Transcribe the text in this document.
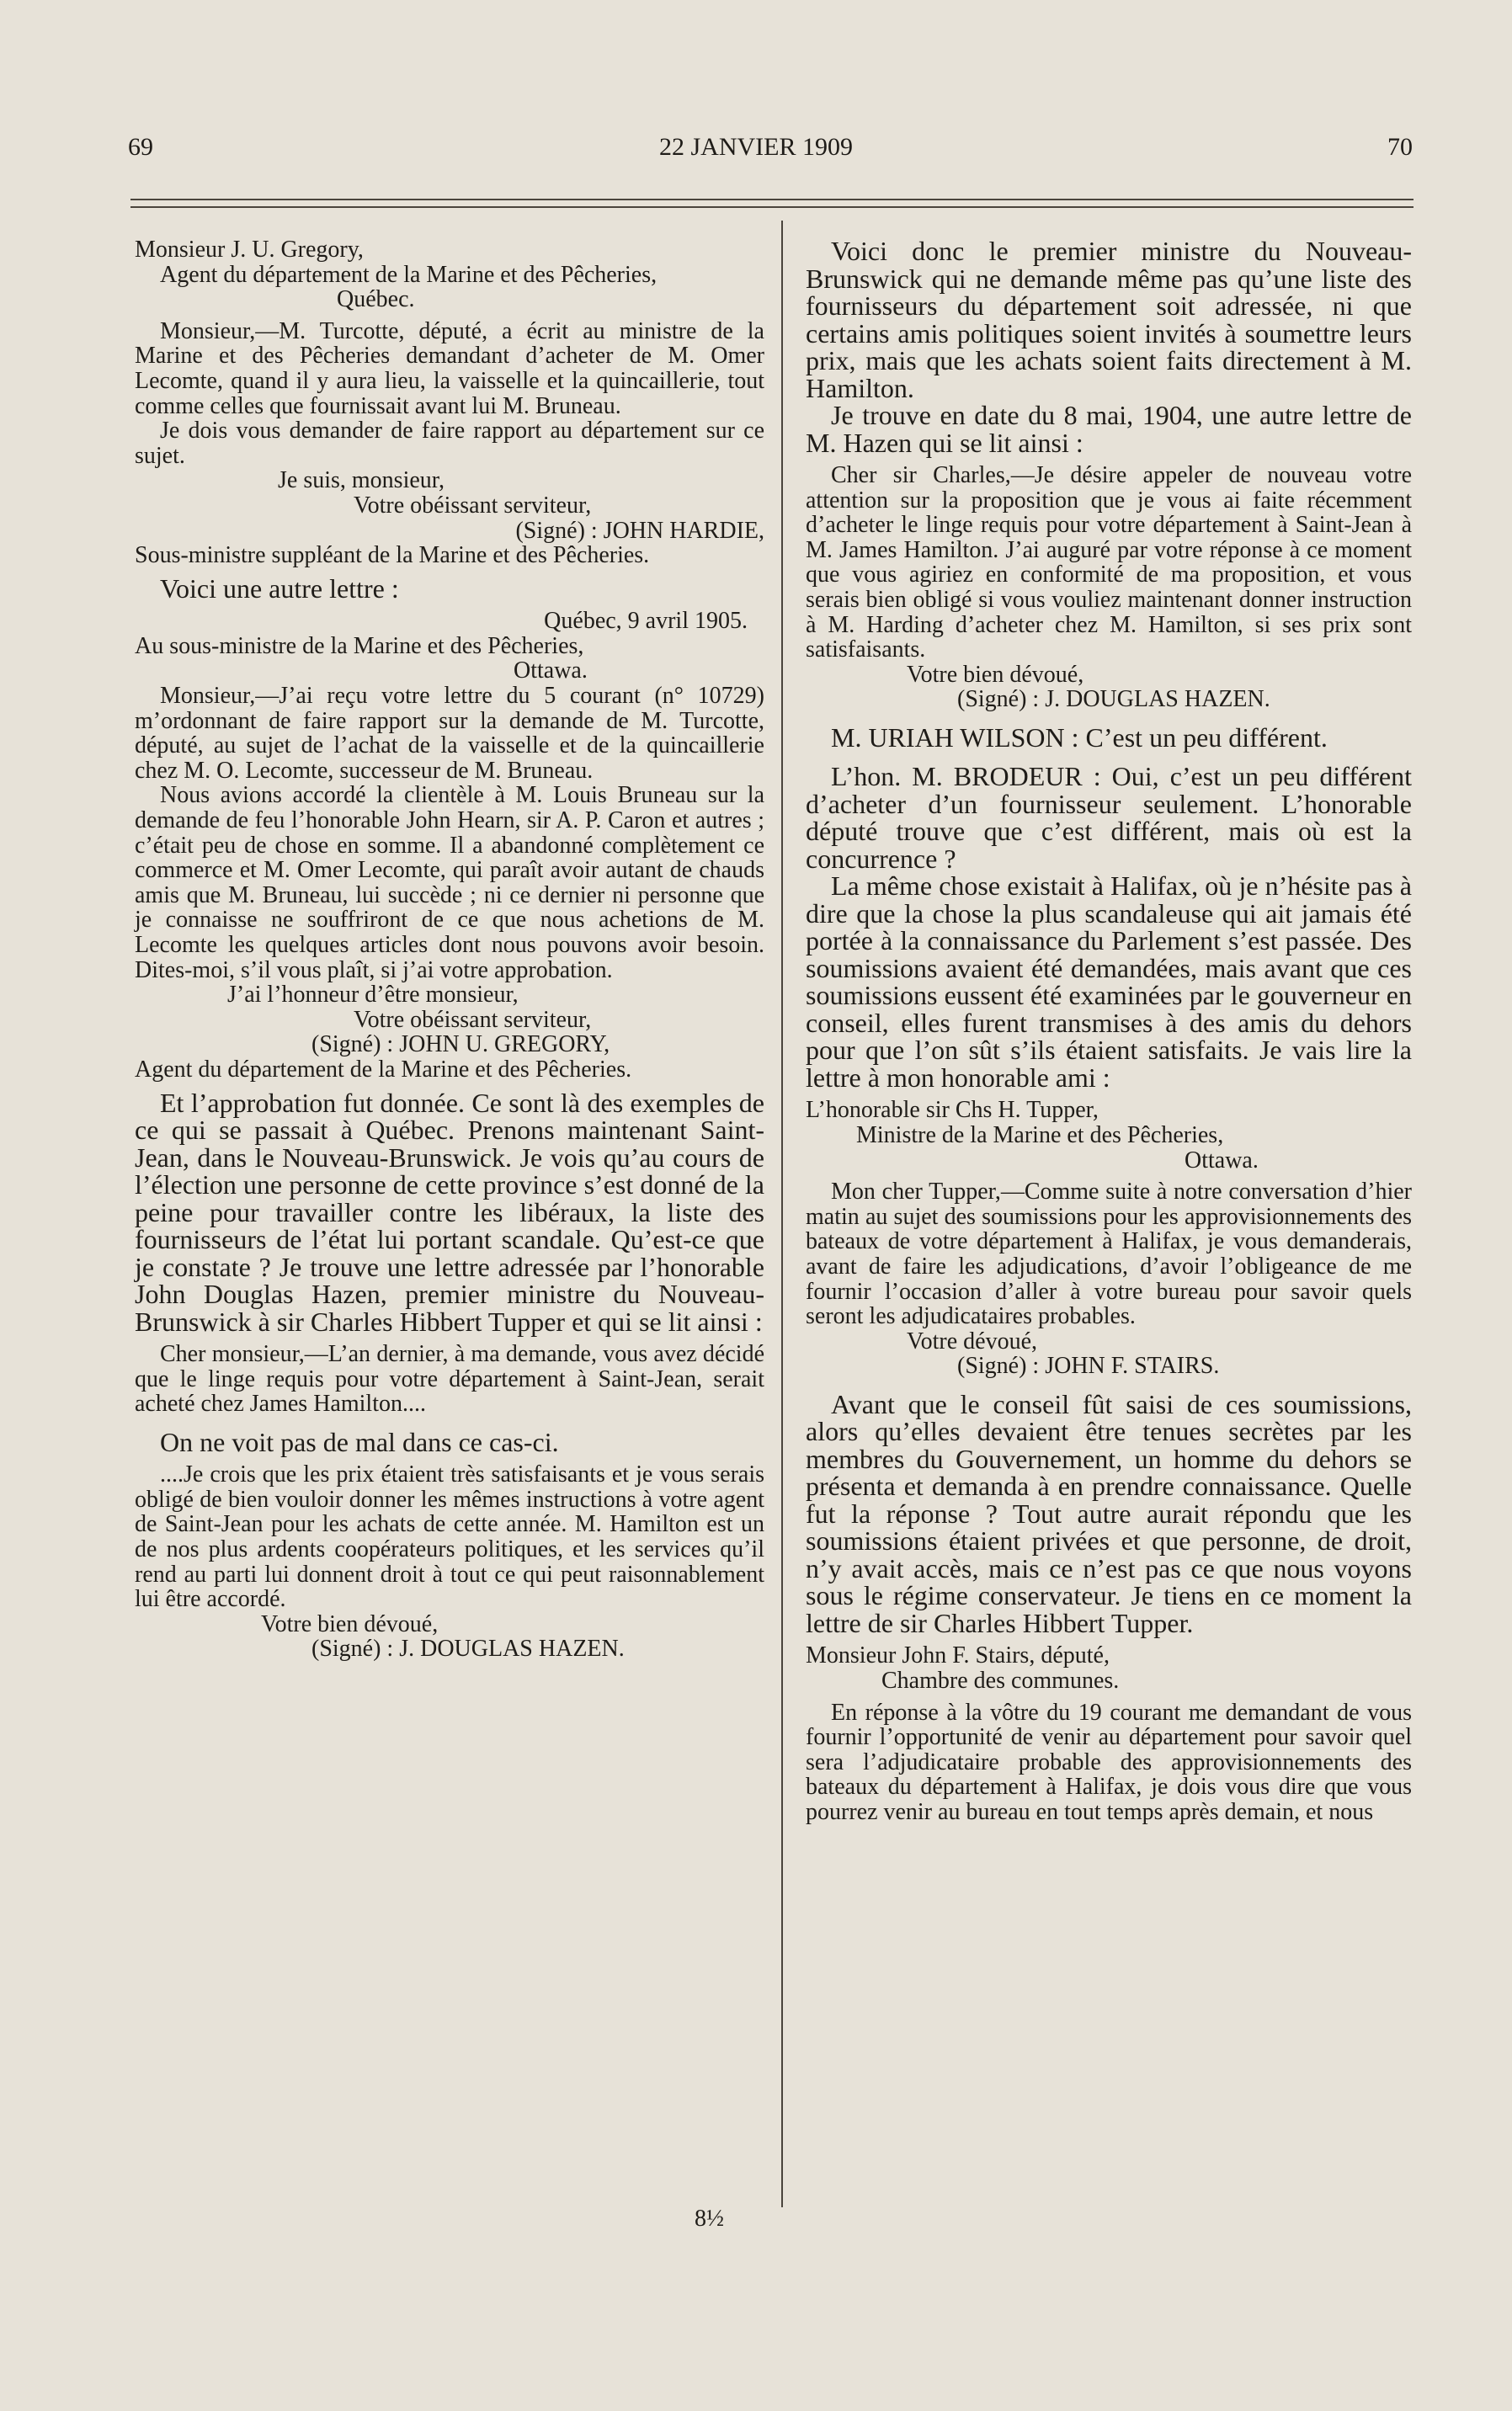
69	22 JANVIER 1909	70

Monsieur J. U. Gregory,

Agent du département de la Marine et des Pêcheries,

Québec.

Monsieur,—M. Turcotte, député, a écrit au ministre de la Marine et des Pêcheries demandant d’acheter de M. Omer Lecomte, quand il y aura lieu, la vaisselle et la quincaillerie, tout comme celles que fournissait avant lui M. Bruneau.

Je dois vous demander de faire rapport au département sur ce sujet.

Je suis, monsieur,

Votre obéissant serviteur,

(Signé) : JOHN HARDIE,

Sous-ministre suppléant de la Marine et des Pêcheries.

Voici une autre lettre :

Québec, 9 avril 1905.

Au sous-ministre de la Marine et des Pêcheries,

Ottawa.

Monsieur,—J’ai reçu votre lettre du 5 courant (n° 10729) m’ordonnant de faire rapport sur la demande de M. Turcotte, député, au sujet de l’achat de la vaisselle et de la quincaillerie chez M. O. Lecomte, successeur de M. Bruneau.

Nous avions accordé la clientèle à M. Louis Bruneau sur la demande de feu l’honorable John Hearn, sir A. P. Caron et autres ; c’était peu de chose en somme. Il a abandonné complètement ce commerce et M. Omer Lecomte, qui paraît avoir autant de chauds amis que M. Bruneau, lui succède ; ni ce dernier ni personne que je connaisse ne souffriront de ce que nous achetions de M. Lecomte les quelques articles dont nous pouvons avoir besoin. Dites-moi, s’il vous plaît, si j’ai votre approbation.

J’ai l’honneur d’être monsieur,

Votre obéissant serviteur,

(Signé) : JOHN U. GREGORY,

Agent du département de la Marine et des Pêcheries.

Et l’approbation fut donnée. Ce sont là des exemples de ce qui se passait à Québec. Prenons maintenant Saint-Jean, dans le Nouveau-Brunswick. Je vois qu’au cours de l’élection une personne de cette province s’est donné de la peine pour travailler contre les libéraux, la liste des fournisseurs de l’état lui portant scandale. Qu’est-ce que je constate ? Je trouve une lettre adressée par l’honorable John Douglas Hazen, premier ministre du Nouveau-Brunswick à sir Charles Hibbert Tupper et qui se lit ainsi :

Cher monsieur,—L’an dernier, à ma demande, vous avez décidé que le linge requis pour votre département à Saint-Jean, serait acheté chez James Hamilton....

On ne voit pas de mal dans ce cas-ci.

....Je crois que les prix étaient très satisfaisants et je vous serais obligé de bien vouloir donner les mêmes instructions à votre agent de Saint-Jean pour les achats de cette année. M. Hamilton est un de nos plus ardents coopérateurs politiques, et les services qu’il rend au parti lui donnent droit à tout ce qui peut raisonnablement lui être accordé.

Votre bien dévoué,

(Signé) : J. DOUGLAS HAZEN.

Voici donc le premier ministre du Nouveau-Brunswick qui ne demande même pas qu’une liste des fournisseurs du département soit adressée, ni que certains amis politiques soient invités à soumettre leurs prix, mais que les achats soient faits directement à M. Hamilton.

Je trouve en date du 8 mai, 1904, une autre lettre de M. Hazen qui se lit ainsi :

Cher sir Charles,—Je désire appeler de nouveau votre attention sur la proposition que je vous ai faite récemment d’acheter le linge requis pour votre département à Saint-Jean à M. James Hamilton. J’ai auguré par votre réponse à ce moment que vous agiriez en conformité de ma proposition, et vous serais bien obligé si vous vouliez maintenant donner instruction à M. Harding d’acheter chez M. Hamilton, si ses prix sont satisfaisants.

Votre bien dévoué,

(Signé) : J. DOUGLAS HAZEN.

M. URIAH WILSON : C’est un peu différent.

L’hon. M. BRODEUR : Oui, c’est un peu différent d’acheter d’un fournisseur seulement. L’honorable député trouve que c’est différent, mais où est la concurrence ?

La même chose existait à Halifax, où je n’hésite pas à dire que la chose la plus scandaleuse qui ait jamais été portée à la connaissance du Parlement s’est passée. Des soumissions avaient été demandées, mais avant que ces soumissions eussent été examinées par le gouverneur en conseil, elles furent transmises à des amis du dehors pour que l’on sût s’ils étaient satisfaits. Je vais lire la lettre à mon honorable ami :

L’honorable sir Chs H. Tupper,

Ministre de la Marine et des Pêcheries,

Ottawa.

Mon cher Tupper,—Comme suite à notre conversation d’hier matin au sujet des soumissions pour les approvisionnements des bateaux de votre département à Halifax, je vous demanderais, avant de faire les adjudications, d’avoir l’obligeance de me fournir l’occasion d’aller à votre bureau pour savoir quels seront les adjudicataires probables.

Votre dévoué,

(Signé) : JOHN F. STAIRS.

Avant que le conseil fût saisi de ces soumissions, alors qu’elles devaient être tenues secrètes par les membres du Gouvernement, un homme du dehors se présenta et demanda à en prendre connaissance. Quelle fut la réponse ? Tout autre aurait répondu que les soumissions étaient privées et que personne, de droit, n’y avait accès, mais ce n’est pas ce que nous voyons sous le régime conservateur. Je tiens en ce moment la lettre de sir Charles Hibbert Tupper.

Monsieur John F. Stairs, député,

Chambre des communes.

En réponse à la vôtre du 19 courant me demandant de vous fournir l’opportunité de venir au département pour savoir quel sera l’adjudicataire probable des approvisionnements des bateaux du département à Halifax, je dois vous dire que vous pourrez venir au bureau en tout temps après demain, et nous

8½
